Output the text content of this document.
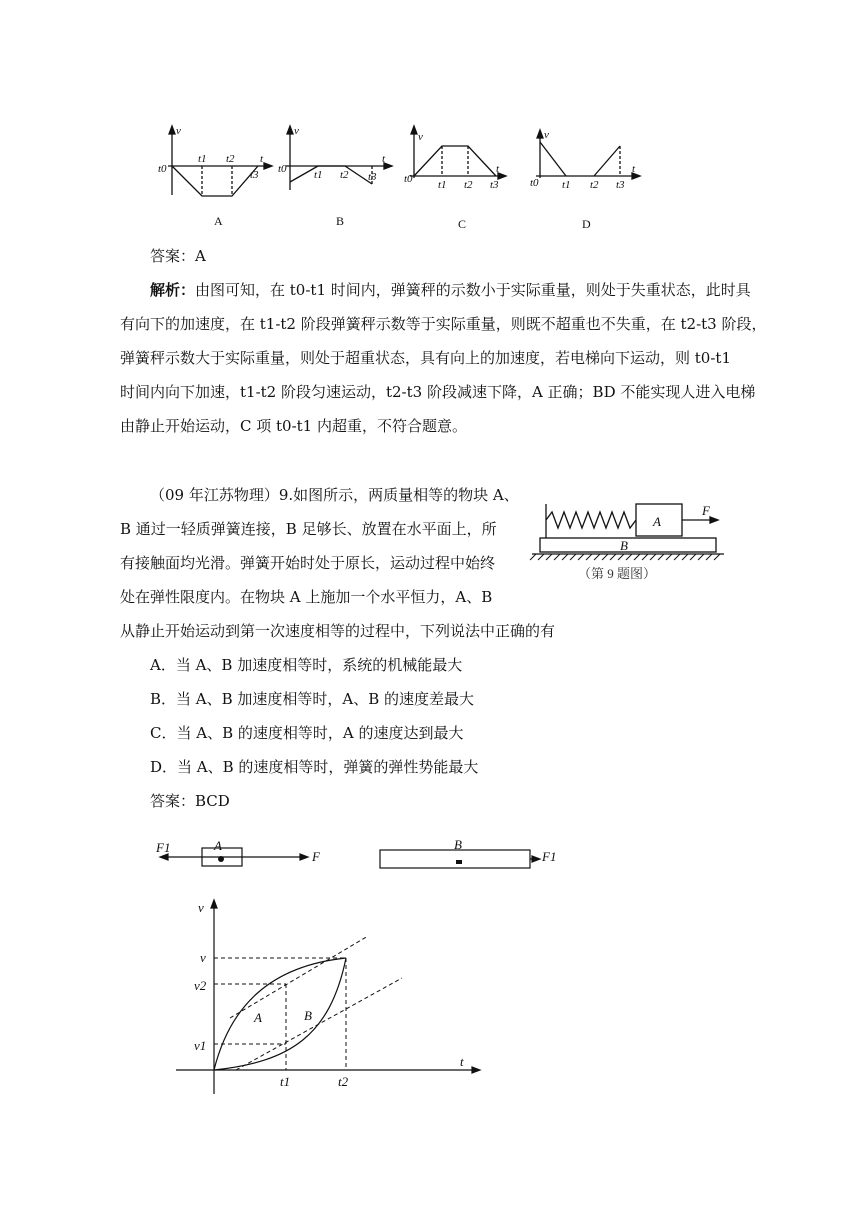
v
t
t0
t1 t2
t3
v
t
t0 t1 t2 t3
v
t
t0 t1 t2 t3
v
t
t0 t1 t2 t3
A	B	C	D
答案：A
解析：由图可知，在 t0-t1 时间内，弹簧秤的示数小于实际重量，则处于失重状态，此时具
有向下的加速度，在 t1-t2 阶段弹簧秤示数等于实际重量，则既不超重也不失重，在 t2-t3 阶段，
弹簧秤示数大于实际重量，则处于超重状态，具有向上的加速度，若电梯向下运动，则 t0-t1
时间内向下加速，t1-t2 阶段匀速运动，t2-t3 阶段减速下降，A 正确；BD 不能实现人进入电梯
由静止开始运动，C 项 t0-t1 内超重，不符合题意。
（09 年江苏物理）9.如图所示，两质量相等的物块 A、
B 通过一轻质弹簧连接，B 足够长、放置在水平面上，所
有接触面均光滑。弹簧开始时处于原长，运动过程中始终
处在弹性限度内。在物块 A 上施加一个水平恒力，A、B
从静止开始运动到第一次速度相等的过程中，下列说法中正确的有
A
B
F
（第 9 题图）
A．当 A、B 加速度相等时，系统的机械能最大
B．当 A、B 加速度相等时，A、B 的速度差最大
C．当 A、B 的速度相等时，A 的速度达到最大
D．当 A、B 的速度相等时，弹簧的弹性势能最大
答案：BCD
F1
F
A	B
F1
v
t
v
v2
v1
t1	t2
A	B
